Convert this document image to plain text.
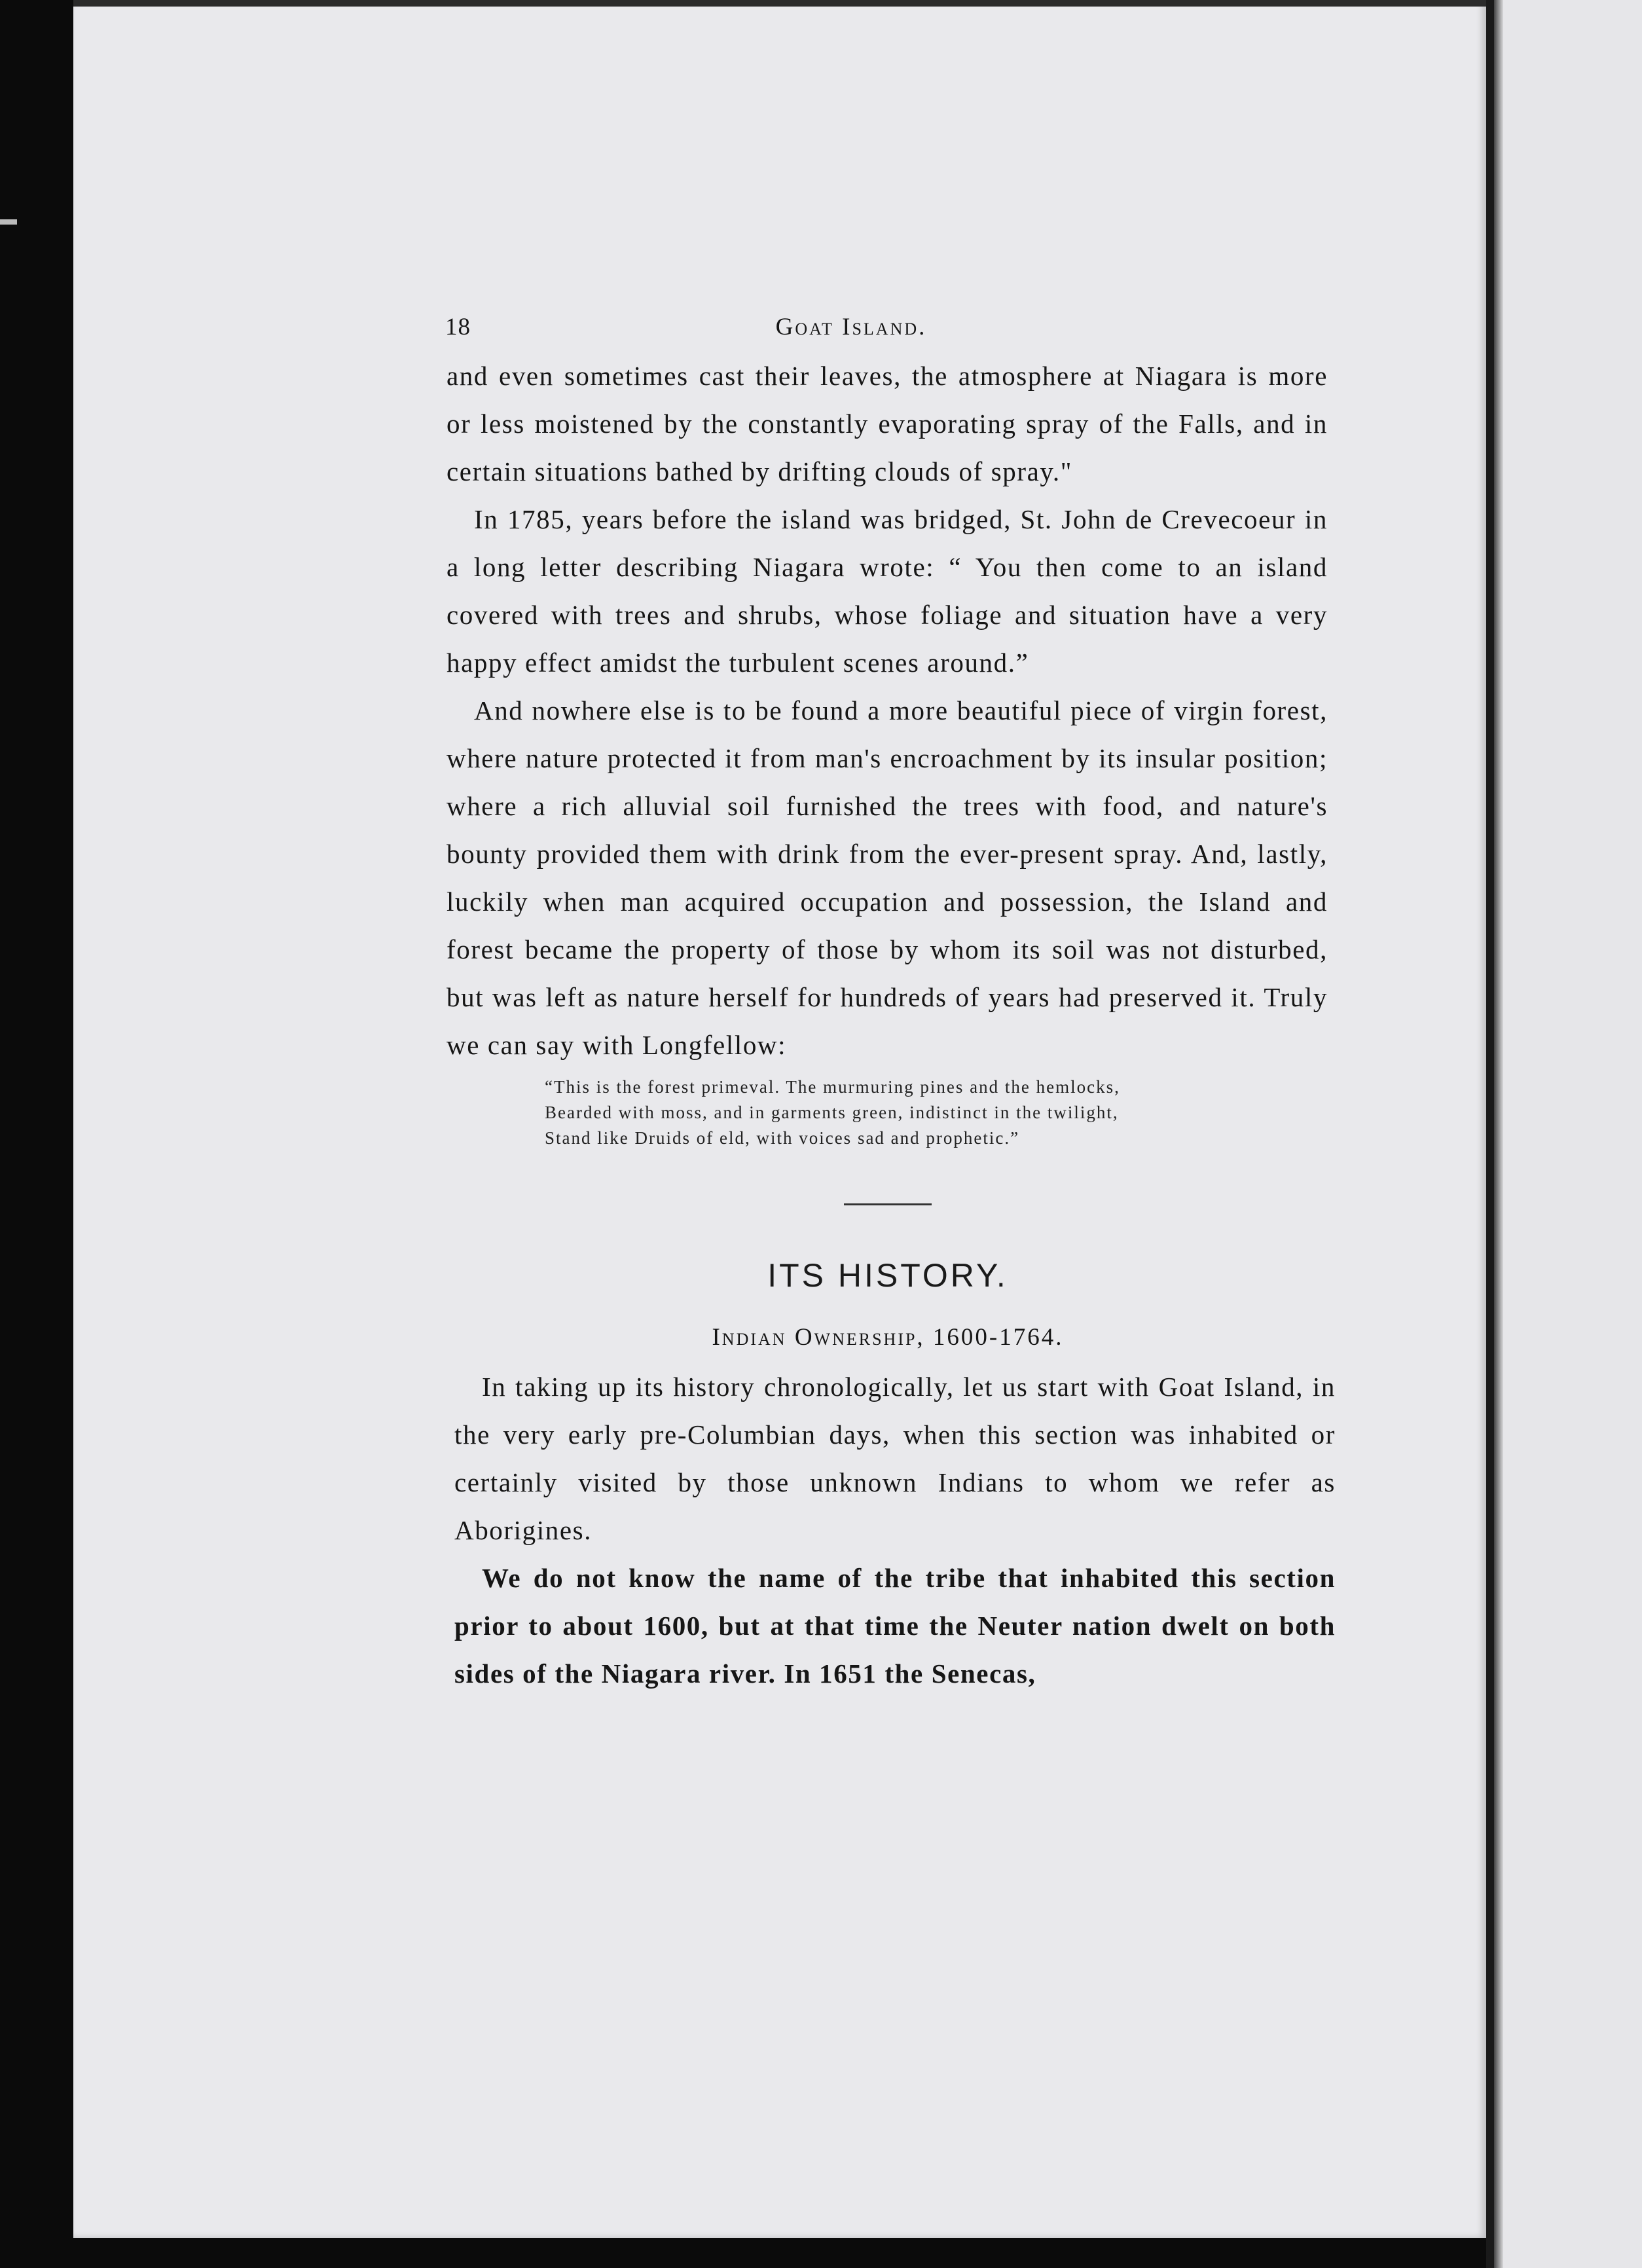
18	Goat Island.

and even sometimes cast their leaves, the atmosphere at Niagara is more or less moistened by the constantly evaporating spray of the Falls, and in certain situations bathed by drifting clouds of spray."

In 1785, years before the island was bridged, St. John de Crevecoeur in a long letter describing Niagara wrote: “ You then come to an island covered with trees and shrubs, whose foliage and situation have a very happy effect amidst the turbulent scenes around.”

And nowhere else is to be found a more beautiful piece of virgin forest, where nature protected it from man's encroachment by its insular position; where a rich alluvial soil furnished the trees with food, and nature's bounty provided them with drink from the ever-present spray. And, lastly, luckily when man acquired occupation and possession, the Island and forest became the property of those by whom its soil was not disturbed, but was left as nature herself for hundreds of years had preserved it. Truly we can say with Longfellow:

“This is the forest primeval. The murmuring pines and the hemlocks,
Bearded with moss, and in garments green, indistinct in the twilight,
Stand like Druids of eld, with voices sad and prophetic.”
ITS HISTORY.
Indian Ownership, 1600-1764.

In taking up its history chronologically, let us start with Goat Island, in the very early pre-Columbian days, when this section was inhabited or certainly visited by those unknown Indians to whom we refer as Aborigines.

We do not know the name of the tribe that inhabited this section prior to about 1600, but at that time the Neuter nation dwelt on both sides of the Niagara river. In 1651 the Senecas,
